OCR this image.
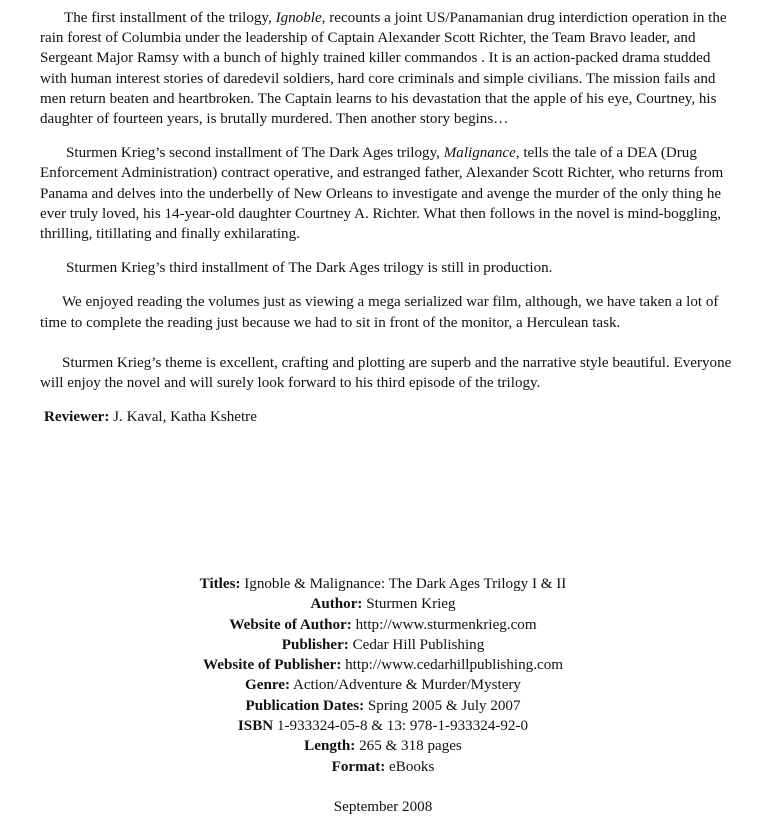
The first installment of the trilogy, Ignoble, recounts a joint US/Panamanian drug interdiction operation in the rain forest of Columbia under the leadership of Captain Alexander Scott Richter, the Team Bravo leader, and Sergeant Major Ramsy with a bunch of highly trained killer commandos . It is an action-packed drama studded with human interest stories of daredevil soldiers, hard core criminals and simple civilians. The mission fails and men return beaten and heartbroken. The Captain learns to his devastation that the apple of his eye, Courtney, his daughter of fourteen years, is brutally murdered. Then another story begins…

Sturmen Krieg’s second installment of The Dark Ages trilogy, Malignance, tells the tale of a DEA (Drug Enforcement Administration) contract operative, and estranged father, Alexander Scott Richter, who returns from Panama and delves into the underbelly of New Orleans to investigate and avenge the murder of the only thing he ever truly loved, his 14-year-old daughter Courtney A. Richter. What then follows in the novel is mind-boggling, thrilling, titillating and finally exhilarating.

Sturmen Krieg’s third installment of The Dark Ages trilogy is still in production.

We enjoyed reading the volumes just as viewing a mega serialized war film, although, we have taken a lot of time to complete the reading just because we had to sit in front of the monitor, a Herculean task.

Sturmen Krieg’s theme is excellent, crafting and plotting are superb and the narrative style beautiful. Everyone will enjoy the novel and will surely look forward to his third episode of the trilogy.

Reviewer: J. Kaval, Katha Kshetre

Titles: Ignoble & Malignance: The Dark Ages Trilogy I & II

Author: Sturmen Krieg

Website of Author: http://www.sturmenkrieg.com

Publisher: Cedar Hill Publishing

Website of Publisher: http://www.cedarhillpublishing.com

Genre: Action/Adventure & Murder/Mystery

Publication Dates: Spring 2005 & July 2007

ISBN 1-933324-05-8 & 13: 978-1-933324-92-0

Length: 265 & 318 pages

Format: eBooks

September 2008
